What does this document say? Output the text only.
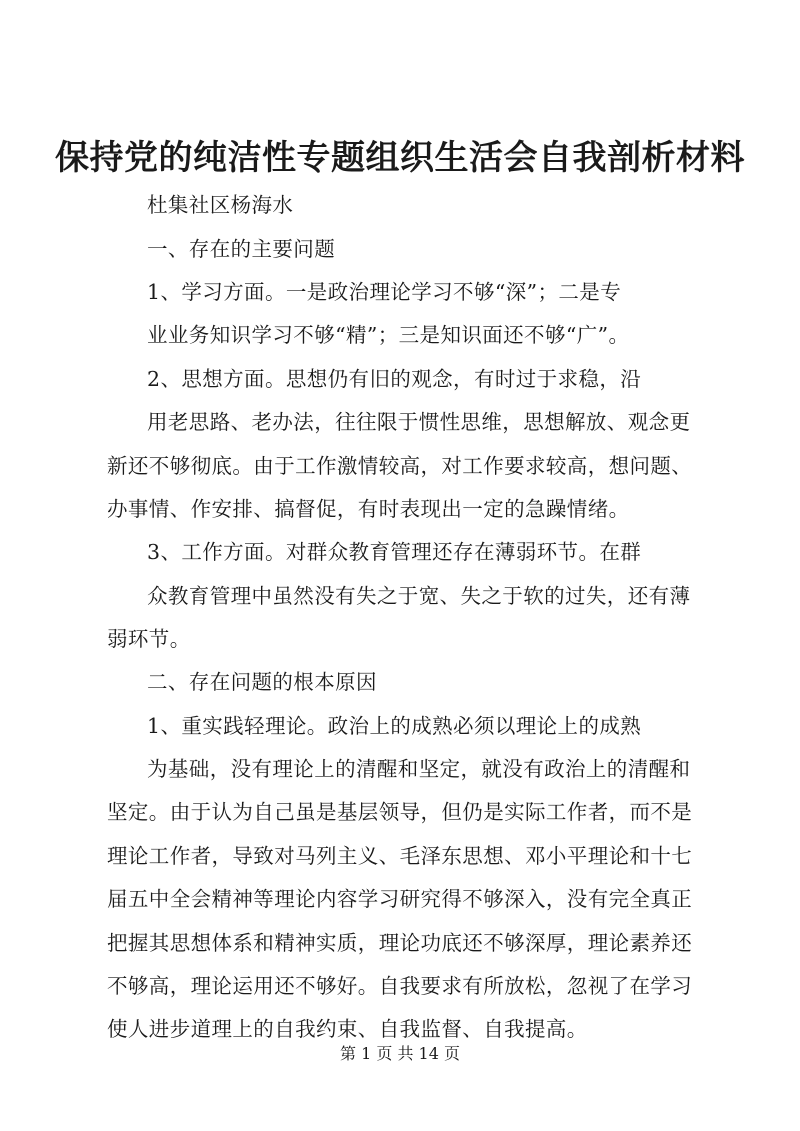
保持党的纯洁性专题组织生活会自我剖析材料
杜集社区杨海水
一、存在的主要问题
1、学习方面。一是政治理论学习不够“深”；二是专
业业务知识学习不够“精”；三是知识面还不够“广”。
2、思想方面。思想仍有旧的观念，有时过于求稳，沿
用老思路、老办法，往往限于惯性思维，思想解放、观念更
新还不够彻底。由于工作激情较高，对工作要求较高，想问题、
办事情、作安排、搞督促，有时表现出一定的急躁情绪。
3、工作方面。对群众教育管理还存在薄弱环节。在群
众教育管理中虽然没有失之于宽、失之于软的过失，还有薄
弱环节。
二、存在问题的根本原因
1、重实践轻理论。政治上的成熟必须以理论上的成熟
为基础，没有理论上的清醒和坚定，就没有政治上的清醒和
坚定。由于认为自己虽是基层领导，但仍是实际工作者，而不是
理论工作者，导致对马列主义、毛泽东思想、邓小平理论和十七
届五中全会精神等理论内容学习研究得不够深入，没有完全真正
把握其思想体系和精神实质，理论功底还不够深厚，理论素养还
不够高，理论运用还不够好。自我要求有所放松，忽视了在学习
使人进步道理上的自我约束、自我监督、自我提高。
第 1 页 共 14 页
